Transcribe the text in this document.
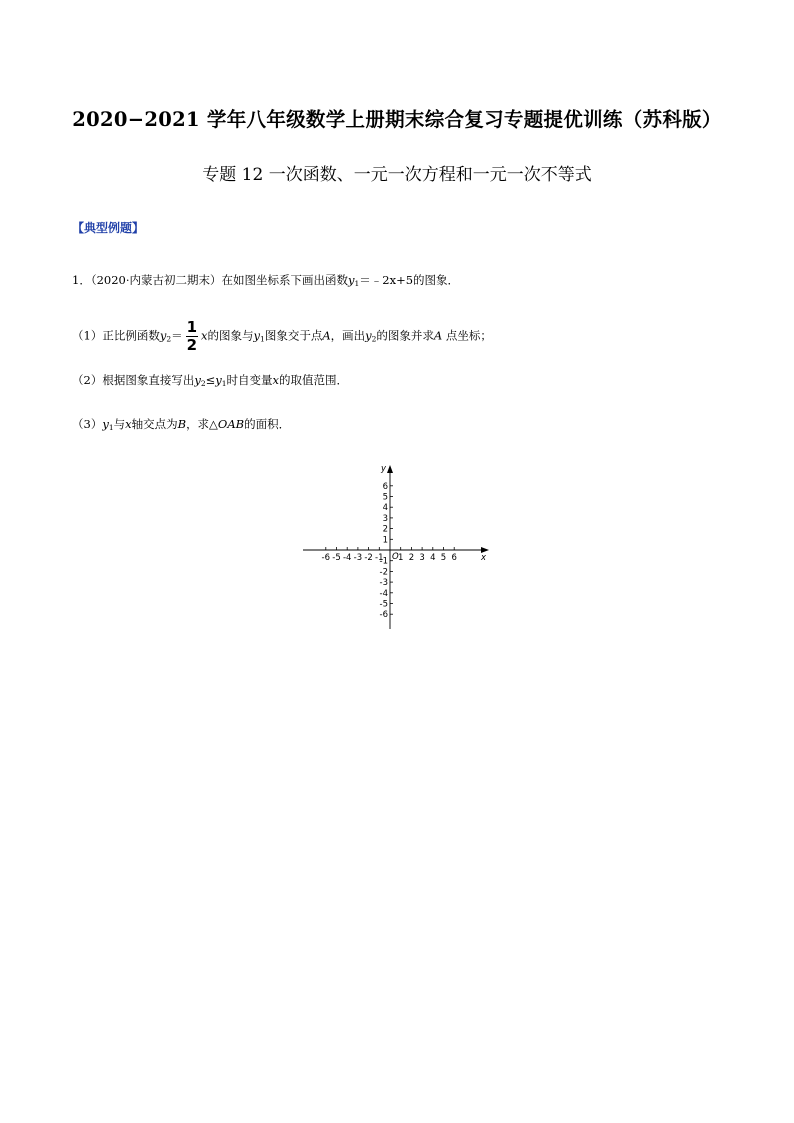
2020−2021 学年八年级数学上册期末综合复习专题提优训练（苏科版）
专题 12 一次函数、一元一次方程和一元一次不等式
【典型例题】
1．（2020·内蒙古初二期末）在如图坐标系下画出函数$y_1=﹣2x+5$的图象．
（1）正比例函数$y_2= \frac{1}{2}$ x的图象与$y_1$图象交于点A，画出$y_2$的图象并求A 点坐标；
（2）根据图象直接写出$y_2\le y_1$时自变量x的取值范围．
$(3)y_1$与x轴交点为B，求△OAB的面积．
x
y
O
-6 -5 -4 -3 -2 -1 1 2 3 4 5 6
6
5
4
3
2
1
-1
-2
-3
-4
-5
-6
